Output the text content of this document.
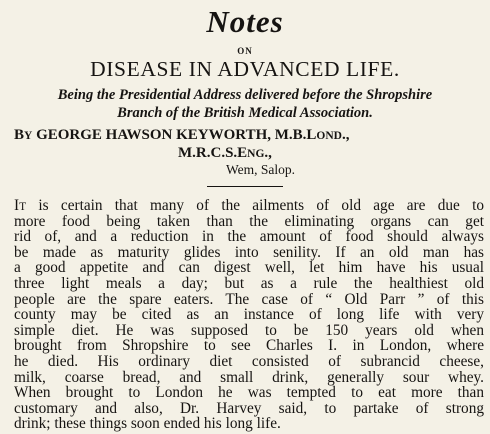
Notes
ON
DISEASE IN ADVANCED LIFE.
Being the Presidential Address delivered before the Shropshire
Branch of the British Medical Association.
BY GEORGE HAWSON KEYWORTH, M.B.LOND.,
M.R.C.S.ENG.,
Wem, Salop.
IT is certain that many of the ailments of old age are due to
more food being taken than the eliminating organs can get
rid of, and a reduction in the amount of food should always
be made as maturity glides into senility. If an old man has
a good appetite and can digest well, let him have his usual
three light meals a day; but as a rule the healthiest old
people are the spare eaters. The case of “ Old Parr ” of this
county may be cited as an instance of long life with very
simple diet. He was supposed to be 150 years old when
brought from Shropshire to see Charles I. in London, where
he died. His ordinary diet consisted of subrancid cheese,
milk, coarse bread, and small drink, generally sour whey.
When brought to London he was tempted to eat more than
customary and also, Dr. Harvey said, to partake of strong
drink; these things soon ended his long life.
